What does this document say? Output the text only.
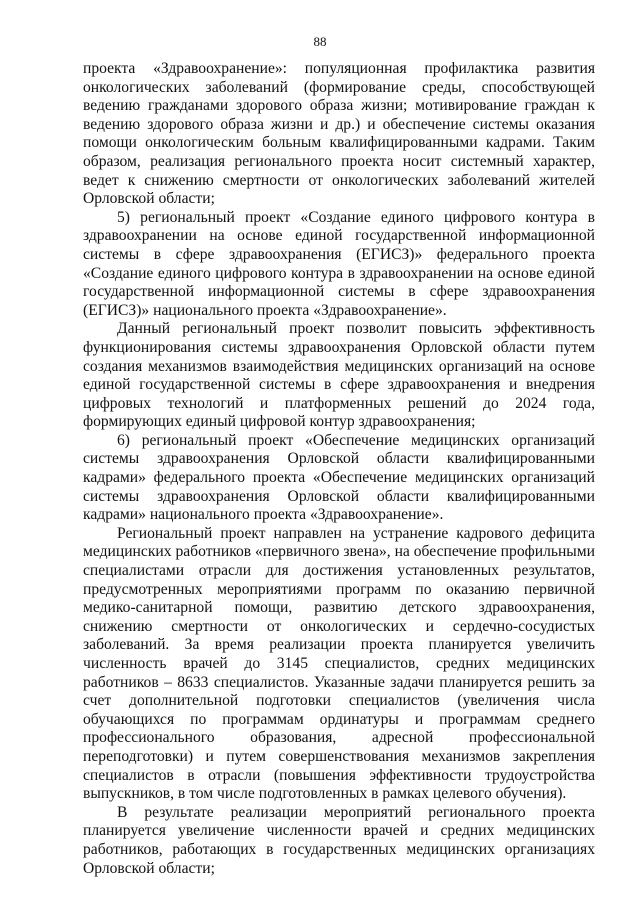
88

проекта «Здравоохранение»: популяционная профилактика развития онкологических заболеваний (формирование среды, способствующей ведению гражданами здорового образа жизни; мотивирование граждан к ведению здорового образа жизни и др.) и обеспечение системы оказания помощи онкологическим больным квалифицированными кадрами. Таким образом, реализация регионального проекта носит системный характер, ведет к снижению смертности от онкологических заболеваний жителей Орловской области;

5) региональный проект «Создание единого цифрового контура в здравоохранении на основе единой государственной информационной системы в сфере здравоохранения (ЕГИСЗ)» федерального проекта «Создание единого цифрового контура в здравоохранении на основе единой государственной информационной системы в сфере здравоохранения (ЕГИСЗ)» национального проекта «Здравоохранение».

Данный региональный проект позволит повысить эффективность функционирования системы здравоохранения Орловской области путем создания механизмов взаимодействия медицинских организаций на основе единой государственной системы в сфере здравоохранения и внедрения цифровых технологий и платформенных решений до 2024 года, формирующих единый цифровой контур здравоохранения;

6) региональный проект «Обеспечение медицинских организаций системы здравоохранения Орловской области квалифицированными кадрами» федерального проекта «Обеспечение медицинских организаций системы здравоохранения Орловской области квалифицированными кадрами» национального проекта «Здравоохранение».

Региональный проект направлен на устранение кадрового дефицита медицинских работников «первичного звена», на обеспечение профильными специалистами отрасли для достижения установленных результатов, предусмотренных мероприятиями программ по оказанию первичной медико-санитарной помощи, развитию детского здравоохранения, снижению смертности от онкологических и сердечно-сосудистых заболеваний. За время реализации проекта планируется увеличить численность врачей до 3145 специалистов, средних медицинских работников – 8633 специалистов. Указанные задачи планируется решить за счет дополнительной подготовки специалистов (увеличения числа обучающихся по программам ординатуры и программам среднего профессионального образования, адресной профессиональной переподготовки) и путем совершенствования механизмов закрепления специалистов в отрасли (повышения эффективности трудоустройства выпускников, в том числе подготовленных в рамках целевого обучения).

В результате реализации мероприятий регионального проекта планируется увеличение численности врачей и средних медицинских работников, работающих в государственных медицинских организациях Орловской области;
